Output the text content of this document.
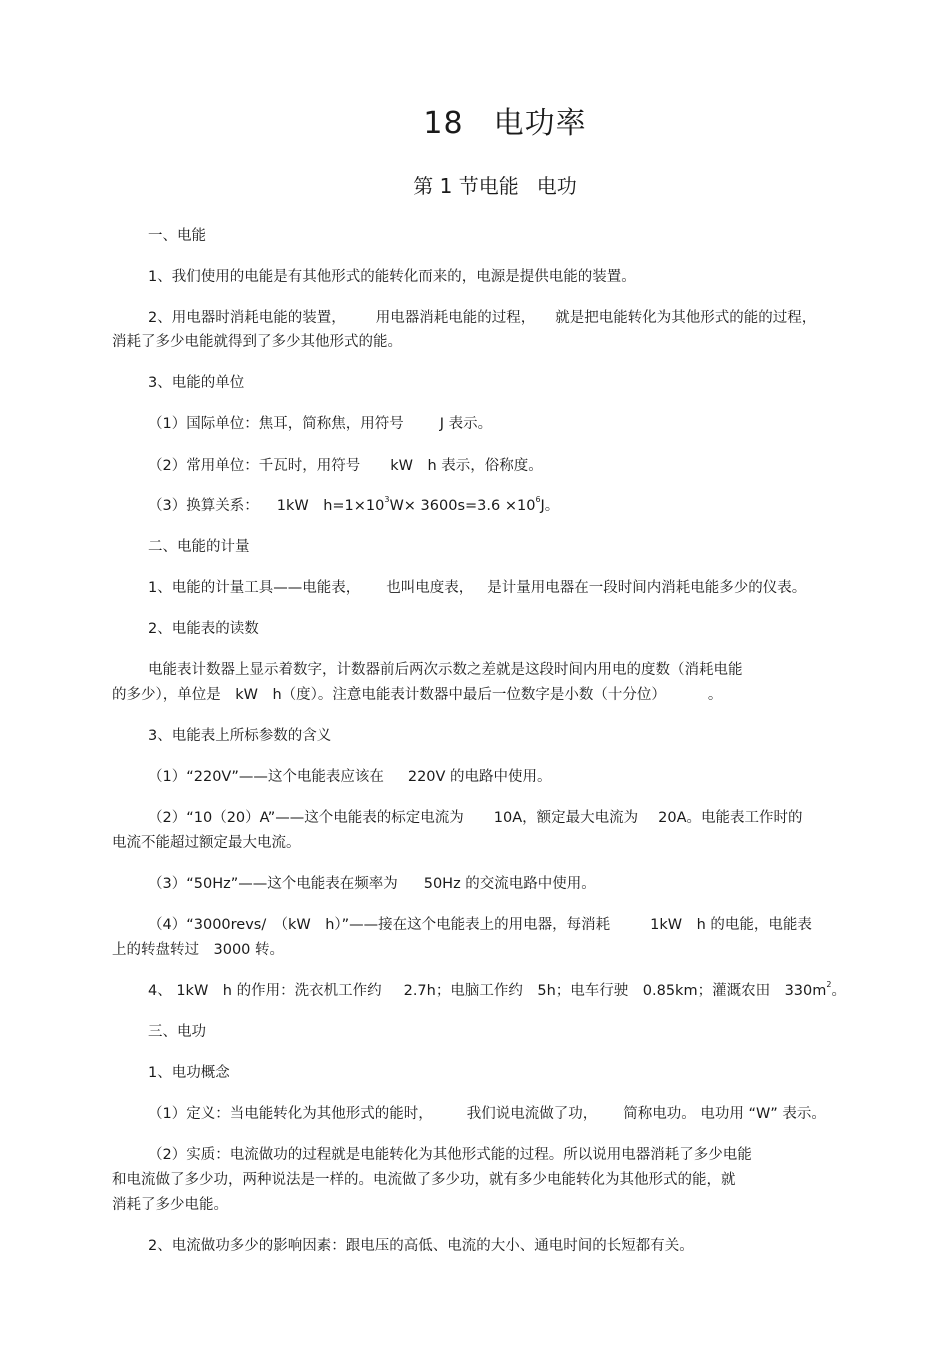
18 电功率
第 1 节电能 电功
一、电能
1、我们使用的电能是有其他形式的能转化而来的，电源是提供电能的装置。
2、用电器时消耗电能的装置， 用电器消耗电能的过程， 就是把电能转化为其他形式的能的过程，
消耗了多少电能就得到了多少其他形式的能。
3、电能的单位
（1）国际单位：焦耳，简称焦，用符号 J 表示。
（2）常用单位：千瓦时，用符号 kW　h 表示，俗称度。
（3）换算关系： 1kW　$h=1\times 10^3W\times 3600s=3.6 \times 10^6J$。
二、电能的计量
1、电能的计量工具——电能表， 也叫电度表， 是计量用电器在一段时间内消耗电能多少的仪表。
2、电能表的读数
电能表计数器上显示着数字，计数器前后两次示数之差就是这段时间内用电的度数（消耗电能
的多少），单位是　kW　h（度）。注意电能表计数器中最后一位数字是小数（十分位）	。
3、电能表上所标参数的含义
（1）“220V”——这个电能表应该在 220V 的电路中使用。
（2）“10（20）A”——这个电能表的标定电流为 10A，额定最大电流为 20A。电能表工作时的
电流不能超过额定最大电流。
（3）“50Hz”——这个电能表在频率为 50Hz 的交流电路中使用。
（4）“3000revs/　（kW　h）”——接在这个电能表上的用电器，每消耗	1kW　h 的电能，电能表
上的转盘转过　3000 转。
4、 1kW　h 的作用：洗衣机工作约 2.7h；电脑工作约　5h；电车行驶　0.85km；灌溉农田　$330m^2$。
三、电功
1、电功概念
（1）定义：当电能转化为其他形式的能时， 我们说电流做了功， 简称电功。 电功用 “W” 表示。
（2）实质：电流做功的过程就是电能转化为其他形式能的过程。所以说用电器消耗了多少电能
和电流做了多少功，两种说法是一样的。电流做了多少功，就有多少电能转化为其他形式的能，就
消耗了多少电能。
2、电流做功多少的影响因素：跟电压的高低、电流的大小、通电时间的长短都有关。
